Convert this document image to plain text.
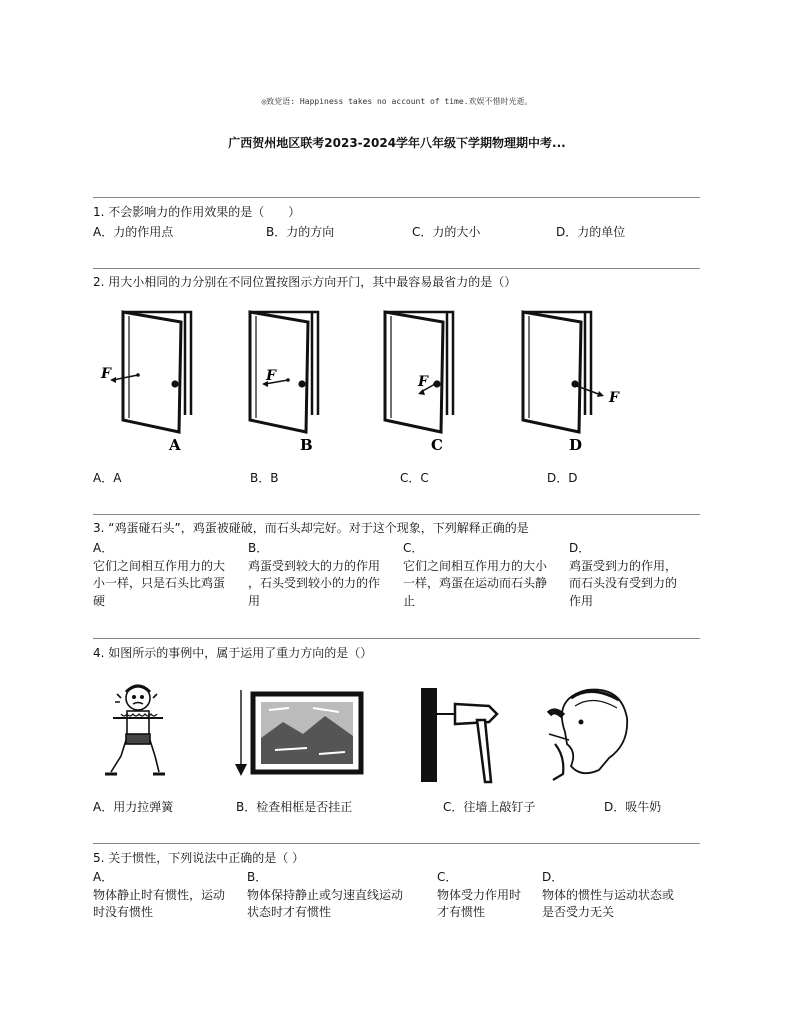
◎致党语: Happiness takes no account of time.欢娱不惜时光逝。
广西贺州地区联考2023-2024学年八年级下学期物理期中考...
1. 不会影响力的作用效果的是（　　）
A．力的作用点	B．力的方向	C．力的大小	D．力的单位
2. 用大小相同的力分别在不同位置按图示方向开门，其中最容易最省力的是（）
F
A
F
B
F
C
F
D
A．A	B．B	C．C	D．D
3. “鸡蛋碰石头”，鸡蛋被碰破，而石头却完好。对于这个现象，下列解释正确的是
A．
它们之间相互作用力的大
小一样，只是石头比鸡蛋
硬
B．
鸡蛋受到较大的力的作用
，石头受到较小的力的作
用
C．
它们之间相互作用力的大小
一样，鸡蛋在运动而石头静
止
D．
鸡蛋受到力的作用，
而石头没有受到力的
作用
4. 如图所示的事例中，属于运用了重力方向的是（）
A．用力拉弹簧	B．检查相框是否挂正	C．往墙上敲钉子	D．吸牛奶
5. 关于惯性，下列说法中正确的是（ ）
A．
物体静止时有惯性，运动
时没有惯性
B．
物体保持静止或匀速直线运动
状态时才有惯性
C．
物体受力作用时
才有惯性
D．
物体的惯性与运动状态或
是否受力无关
